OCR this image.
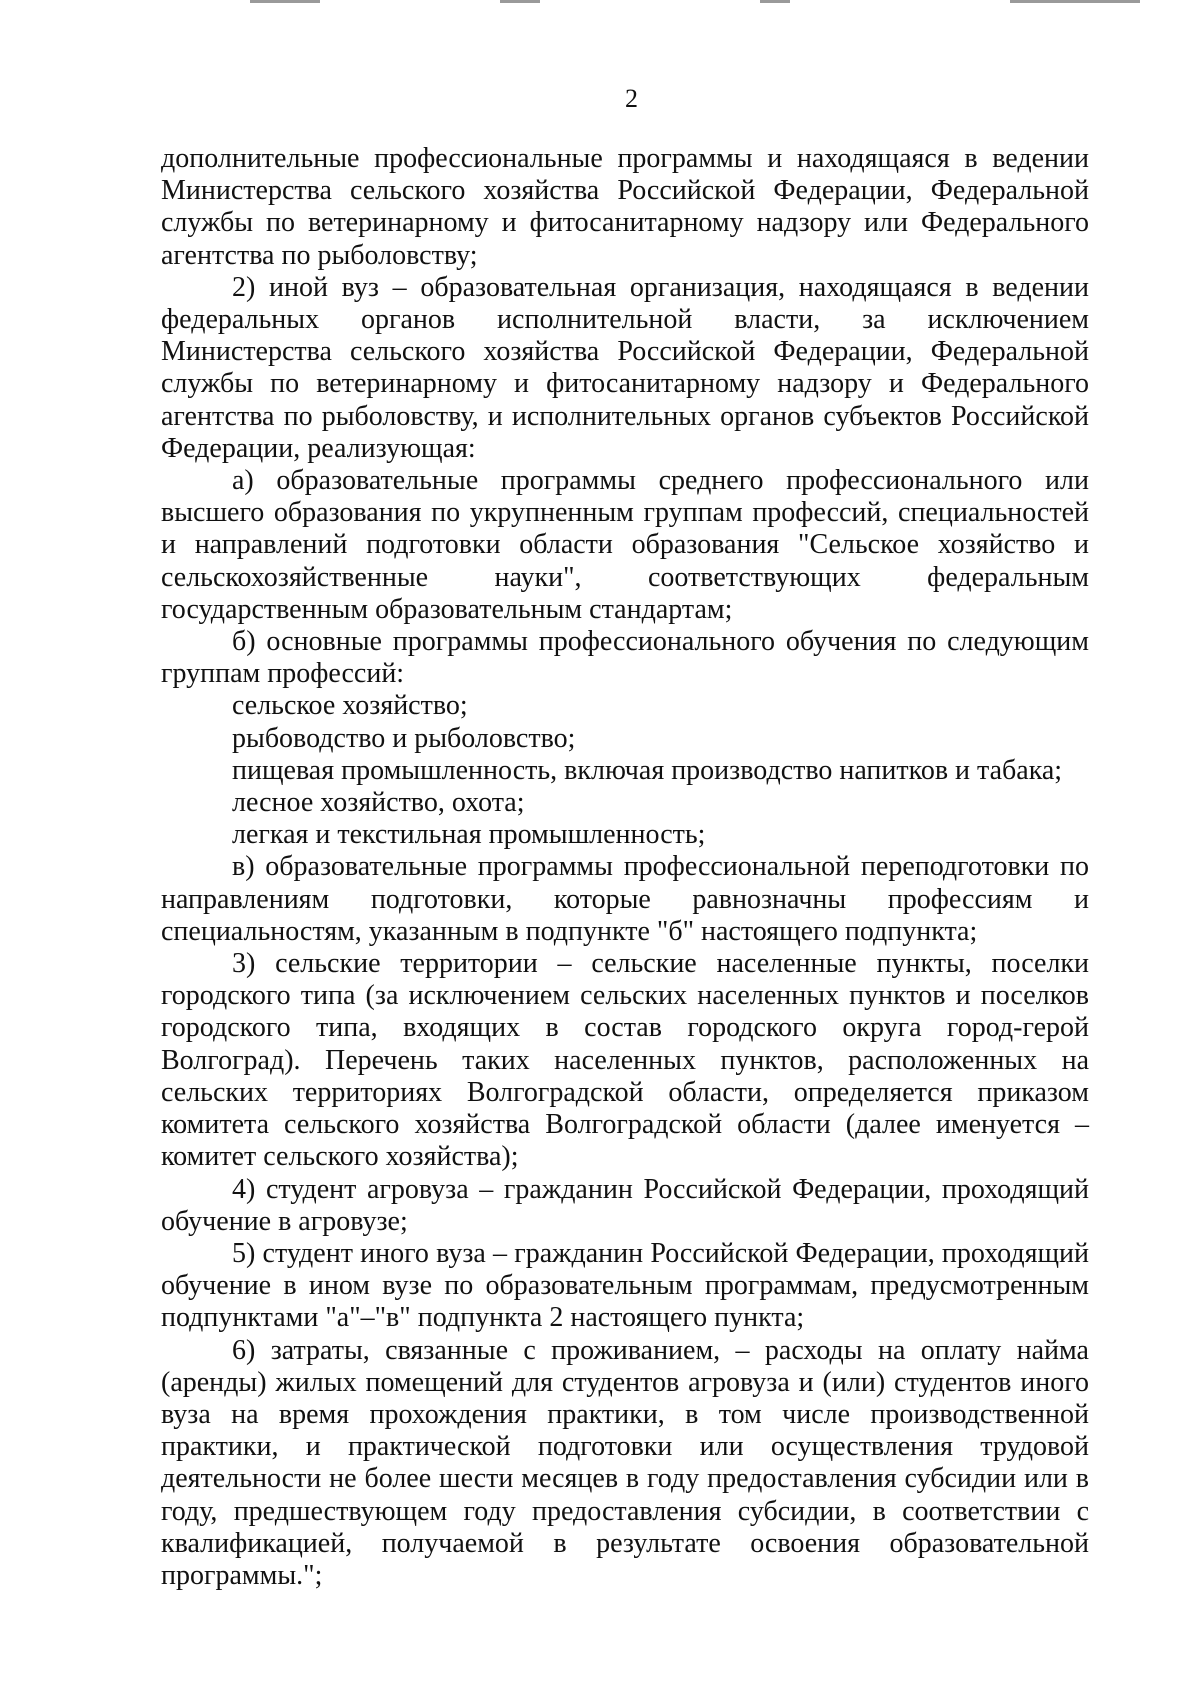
2

дополнительные профессиональные программы и находящаяся в ведении Министерства сельского хозяйства Российской Федерации, Федеральной службы по ветеринарному и фитосанитарному надзору или Федерального агентства по рыболовству;

2) иной вуз – образовательная организация, находящаяся в ведении федеральных органов исполнительной власти, за исключением Министерства сельского хозяйства Российской Федерации, Федеральной службы по ветеринарному и фитосанитарному надзору и Федерального агентства по рыболовству, и исполнительных органов субъектов Российской Федерации, реализующая:

а) образовательные программы среднего профессионального или высшего образования по укрупненным группам профессий, специальностей и направлений подготовки области образования "Сельское хозяйство и сельскохозяйственные науки", соответствующих федеральным государственным образовательным стандартам;

б) основные программы профессионального обучения по следующим группам профессий:

сельское хозяйство;

рыбоводство и рыболовство;

пищевая промышленность, включая производство напитков и табака;

лесное хозяйство, охота;

легкая и текстильная промышленность;

в) образовательные программы профессиональной переподготовки по направлениям подготовки, которые равнозначны профессиям и специальностям, указанным в подпункте "б" настоящего подпункта;

3) сельские территории – сельские населенные пункты, поселки городского типа (за исключением сельских населенных пунктов и поселков городского типа, входящих в состав городского округа город-герой Волгоград). Перечень таких населенных пунктов, расположенных на сельских территориях Волгоградской области, определяется приказом комитета сельского хозяйства Волгоградской области (далее именуется – комитет сельского хозяйства);

4) студент агровуза – гражданин Российской Федерации, проходящий обучение в агровузе;

5) студент иного вуза – гражданин Российской Федерации, проходящий обучение в ином вузе по образовательным программам, предусмотренным подпунктами "а"–"в" подпункта 2 настоящего пункта;

6) затраты, связанные с проживанием, – расходы на оплату найма (аренды) жилых помещений для студентов агровуза и (или) студентов иного вуза на время прохождения практики, в том числе производственной практики, и практической подготовки или осуществления трудовой деятельности не более шести месяцев в году предоставления субсидии или в году, предшествующем году предоставления субсидии, в соответствии с квалификацией, получаемой в результате освоения образовательной программы.";
